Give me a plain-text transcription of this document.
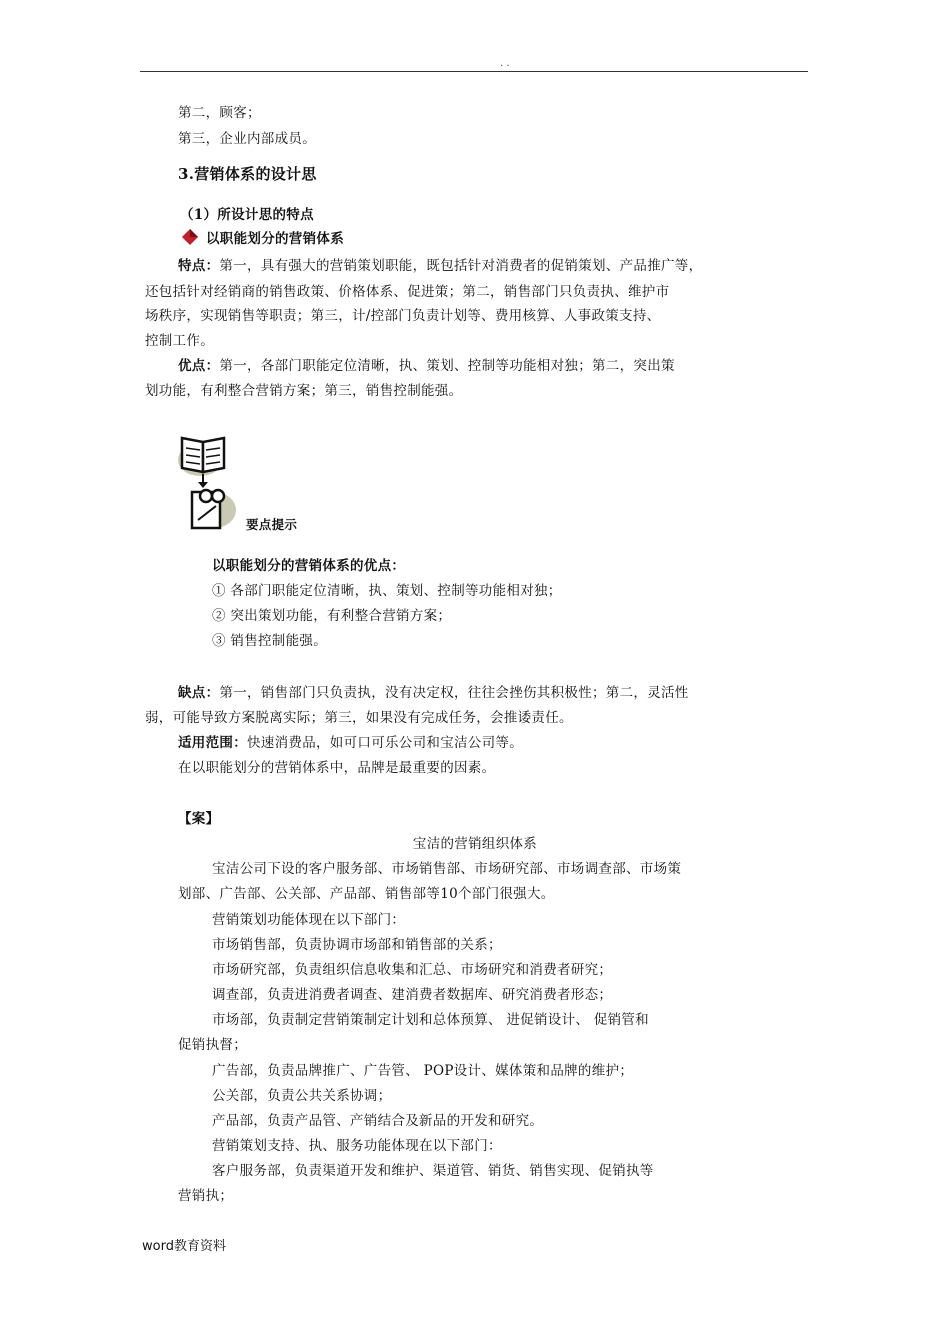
. .
第二，顾客；
第三，企业内部成员。
3.营销体系的设计思
（1）所设计思的特点
以职能划分的营销体系
特点：第一，具有强大的营销策划职能，既包括针对消费者的促销策划、产品推广等，
还包括针对经销商的销售政策、价格体系、促进策；第二，销售部门只负责执、维护市
场秩序，实现销售等职责；第三，计/控部门负责计划等、费用核算、人事政策支持、
控制工作。
优点：第一，各部门职能定位清晰，执、策划、控制等功能相对独；第二，突出策
划功能，有利整合营销方案；第三，销售控制能强。
要点提示
以职能划分的营销体系的优点：
① 各部门职能定位清晰，执、策划、控制等功能相对独；
② 突出策划功能，有利整合营销方案；
③ 销售控制能强。
缺点：第一，销售部门只负责执，没有决定权，往往会挫伤其积极性；第二，灵活性
弱，可能导致方案脱离实际；第三，如果没有完成任务，会推诿责任。
适用范围：快速消费品，如可口可乐公司和宝洁公司等。
在以职能划分的营销体系中，品牌是最重要的因素。
【案】
宝洁的营销组织体系
宝洁公司下设的客户服务部、市场销售部、市场研究部、市场调查部、市场策
划部、广告部、公关部、产品部、销售部等10个部门很强大。
营销策划功能体现在以下部门：
市场销售部，负责协调市场部和销售部的关系；
市场研究部，负责组织信息收集和汇总、市场研究和消费者研究；
调查部，负责进消费者调查、建消费者数据库、研究消费者形态；
市场部，负责制定营销策制定计划和总体预算、 进促销设计、 促销管和
促销执督；
广告部，负责品牌推广、广告管、 POP设计、媒体策和品牌的维护；
公关部，负责公共关系协调；
产品部，负责产品管、产销结合及新品的开发和研究。
营销策划支持、执、服务功能体现在以下部门：
客户服务部，负责渠道开发和维护、渠道管、销货、销售实现、促销执等
营销执；
word教育资料
